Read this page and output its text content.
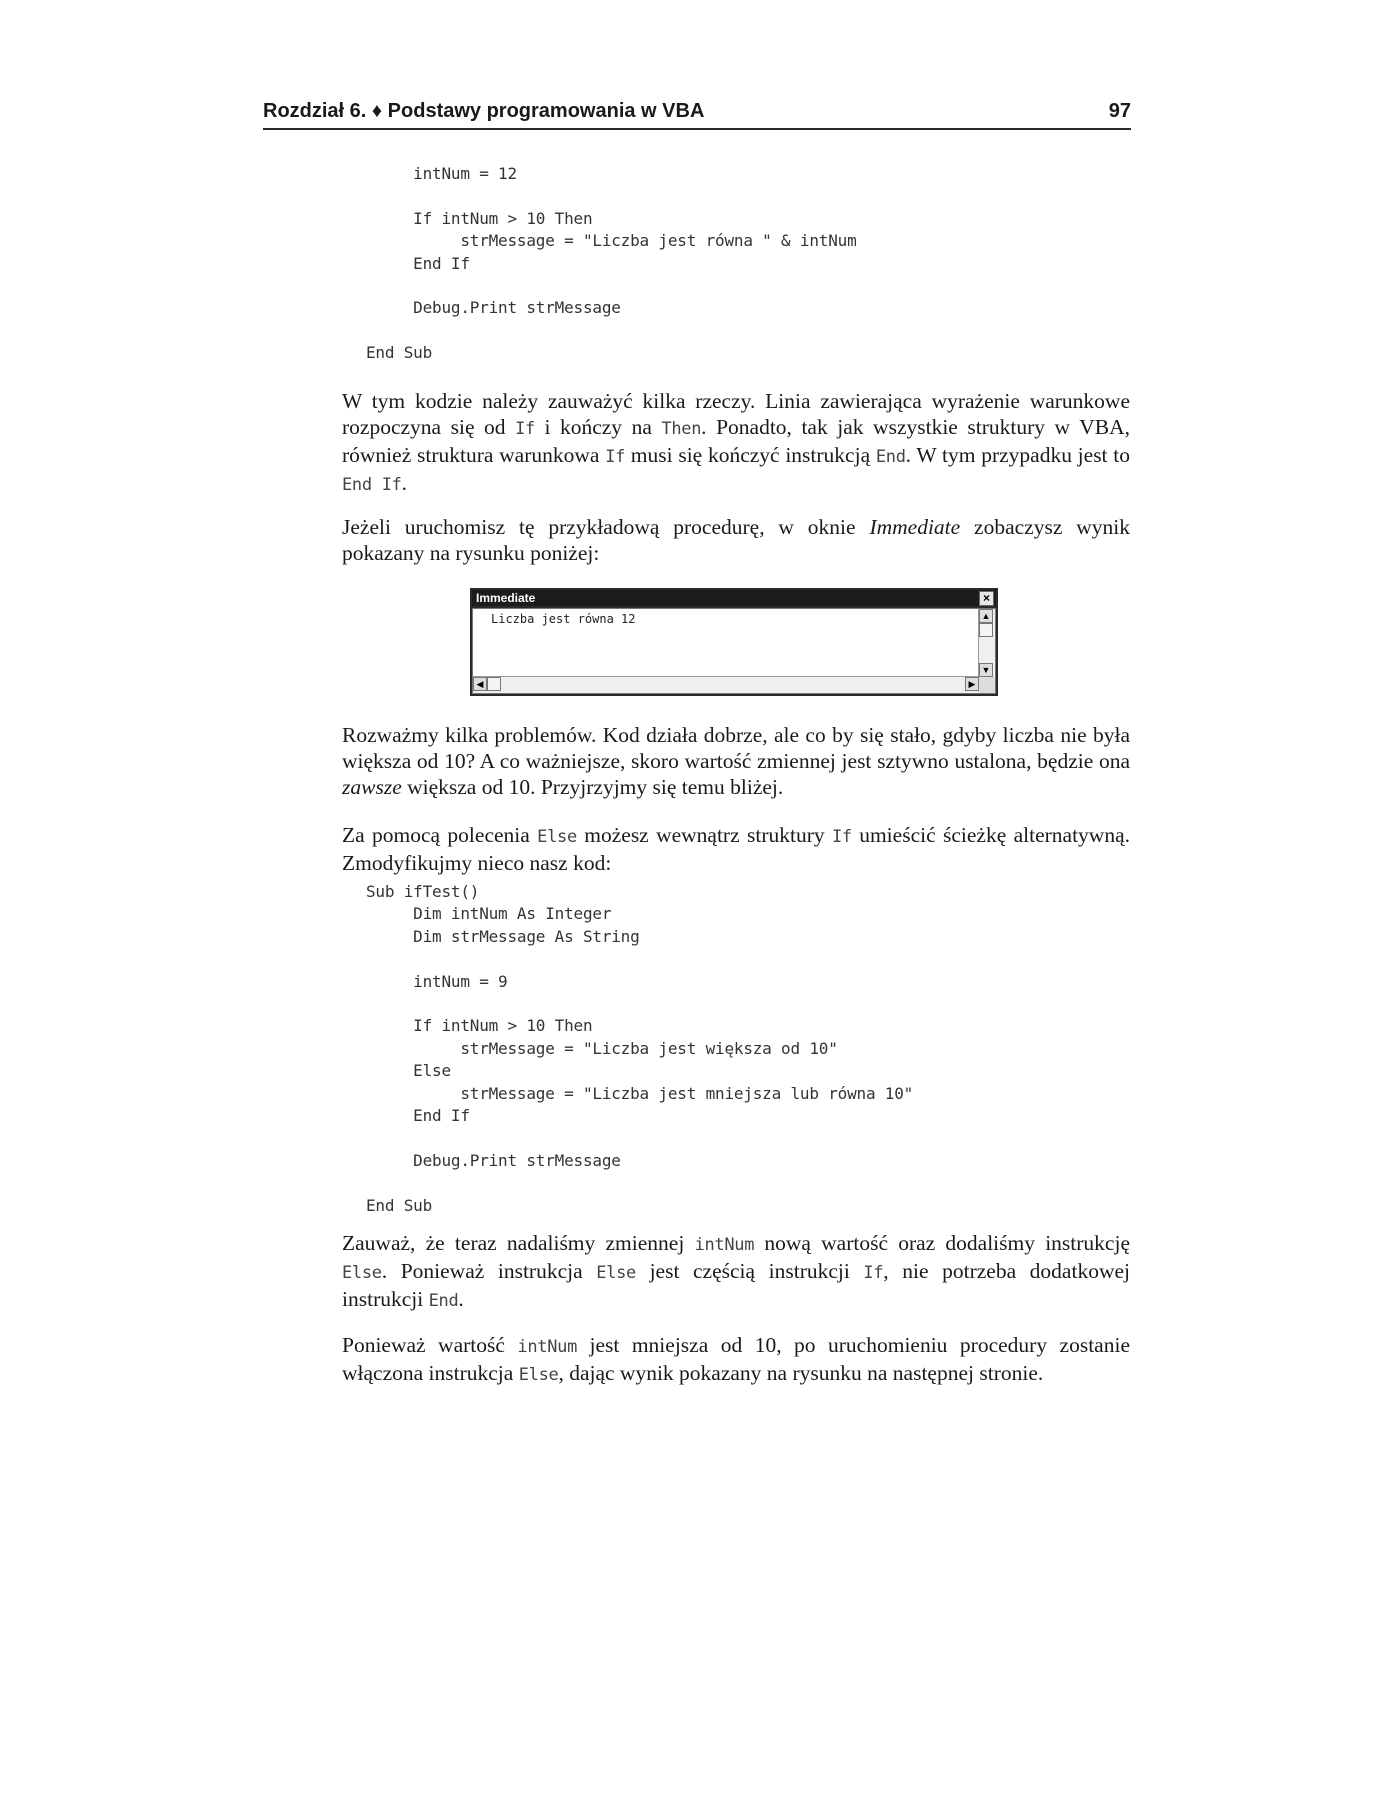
Rozdział 6. ♦ Podstawy programowania w VBA	97
intNum = 12
If intNum > 10 Then
strMessage = "Liczba jest równa " & intNum
End If
Debug.Print strMessage
End Sub

W tym kodzie należy zauważyć kilka rzeczy. Linia zawierająca wyrażenie warunkowe rozpoczyna się od If i kończy na Then. Ponadto, tak jak wszystkie struktury w VBA, również struktura warunkowa If musi się kończyć instrukcją End. W tym przypadku jest to End If.

Jeżeli uruchomisz tę przykładową procedurę, w oknie Immediate zobaczysz wynik pokazany na rysunku poniżej:

Immediate	×
Liczba jest równa 12	▲
▼
◀	▶

Rozważmy kilka problemów. Kod działa dobrze, ale co by się stało, gdyby liczba nie była większa od 10? A co ważniejsze, skoro wartość zmiennej jest sztywno ustalona, będzie ona zawsze większa od 10. Przyjrzyjmy się temu bliżej.

Za pomocą polecenia Else możesz wewnątrz struktury If umieścić ścieżkę alternatywną. Zmodyfikujmy nieco nasz kod:

Sub ifTest()
Dim intNum As Integer
Dim strMessage As String
intNum = 9
If intNum > 10 Then
strMessage = "Liczba jest większa od 10"
Else
strMessage = "Liczba jest mniejsza lub równa 10"
End If
Debug.Print strMessage
End Sub

Zauważ, że teraz nadaliśmy zmiennej intNum nową wartość oraz dodaliśmy instrukcję Else. Ponieważ instrukcja Else jest częścią instrukcji If, nie potrzeba dodatkowej instrukcji End.

Ponieważ wartość intNum jest mniejsza od 10, po uruchomieniu procedury zostanie włączona instrukcja Else, dając wynik pokazany na rysunku na następnej stronie.
